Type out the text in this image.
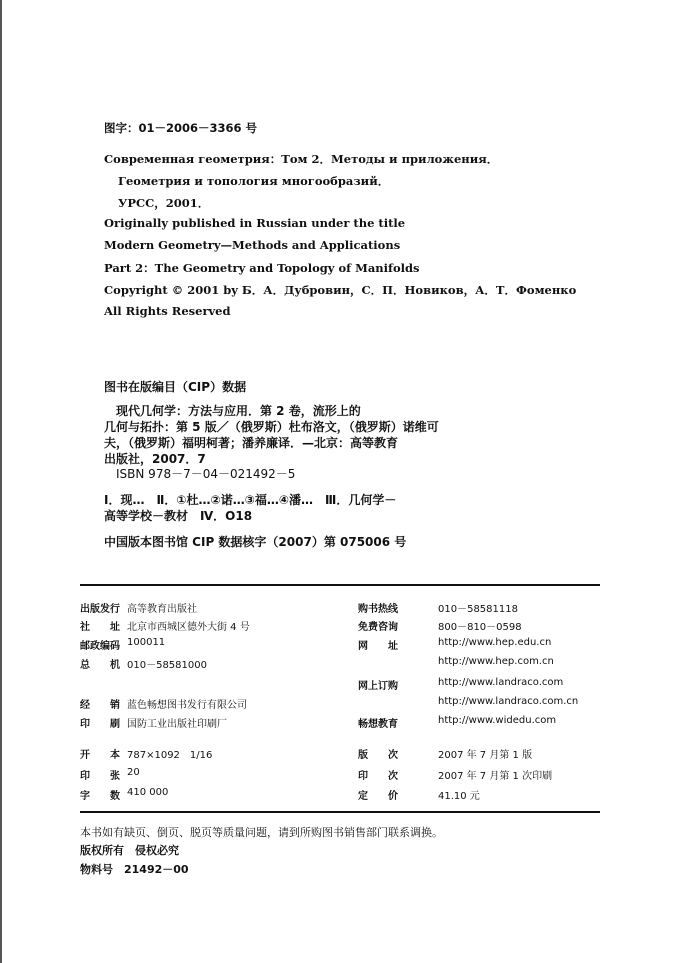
图字：01－2006－3366 号
Современная геометрия：Том 2．Методы и приложения．
Геометрия и топология многообразий．
УРСС，2001．
Originally published in Russian under the title
Modern Geometry—Methods and Applications
Part 2：The Geometry and Topology of Manifolds
Copyright © 2001 by Б．А．Дубровин，С．П．Новиков，А．Т．Фоменко
All Rights Reserved
图书在版编目（CIP）数据
现代几何学：方法与应用．第 2 卷，流形上的
几何与拓扑：第 5 版／（俄罗斯）杜布洛文，（俄罗斯）诺维可
夫，（俄罗斯）福明柯著；潘养廉译．—北京：高等教育
出版社，2007．7
ISBN 978－7－04－021492－5
Ⅰ．现…　Ⅱ．①杜…②诺…③福…④潘…　Ⅲ．几何学－
高等学校－教材　Ⅳ．O18
中国版本图书馆 CIP 数据核字（2007）第 075006 号
出版发行 高等教育出版社
社　　址 北京市西城区德外大街 4 号
邮政编码 100011
总　　机 010－58581000
经　　销 蓝色畅想图书发行有限公司
印　　刷 国防工业出版社印刷厂
开　　本 787×1092　1/16
印　　张 20
字　　数 410 000
购书热线	010－58581118
免费咨询	800－810－0598
网　　址	http://www.hep.edu.cn
http://www.hep.com.cn
网上订购	http://www.landraco.com
http://www.landraco.com.cn
畅想教育	http://www.widedu.com
版　　次	2007 年 7 月第 1 版
印　　次	2007 年 7 月第 1 次印刷
定　　价	41.10 元
本书如有缺页、倒页、脱页等质量问题，请到所购图书销售部门联系调换。
版权所有　侵权必究
物料号　21492－00
